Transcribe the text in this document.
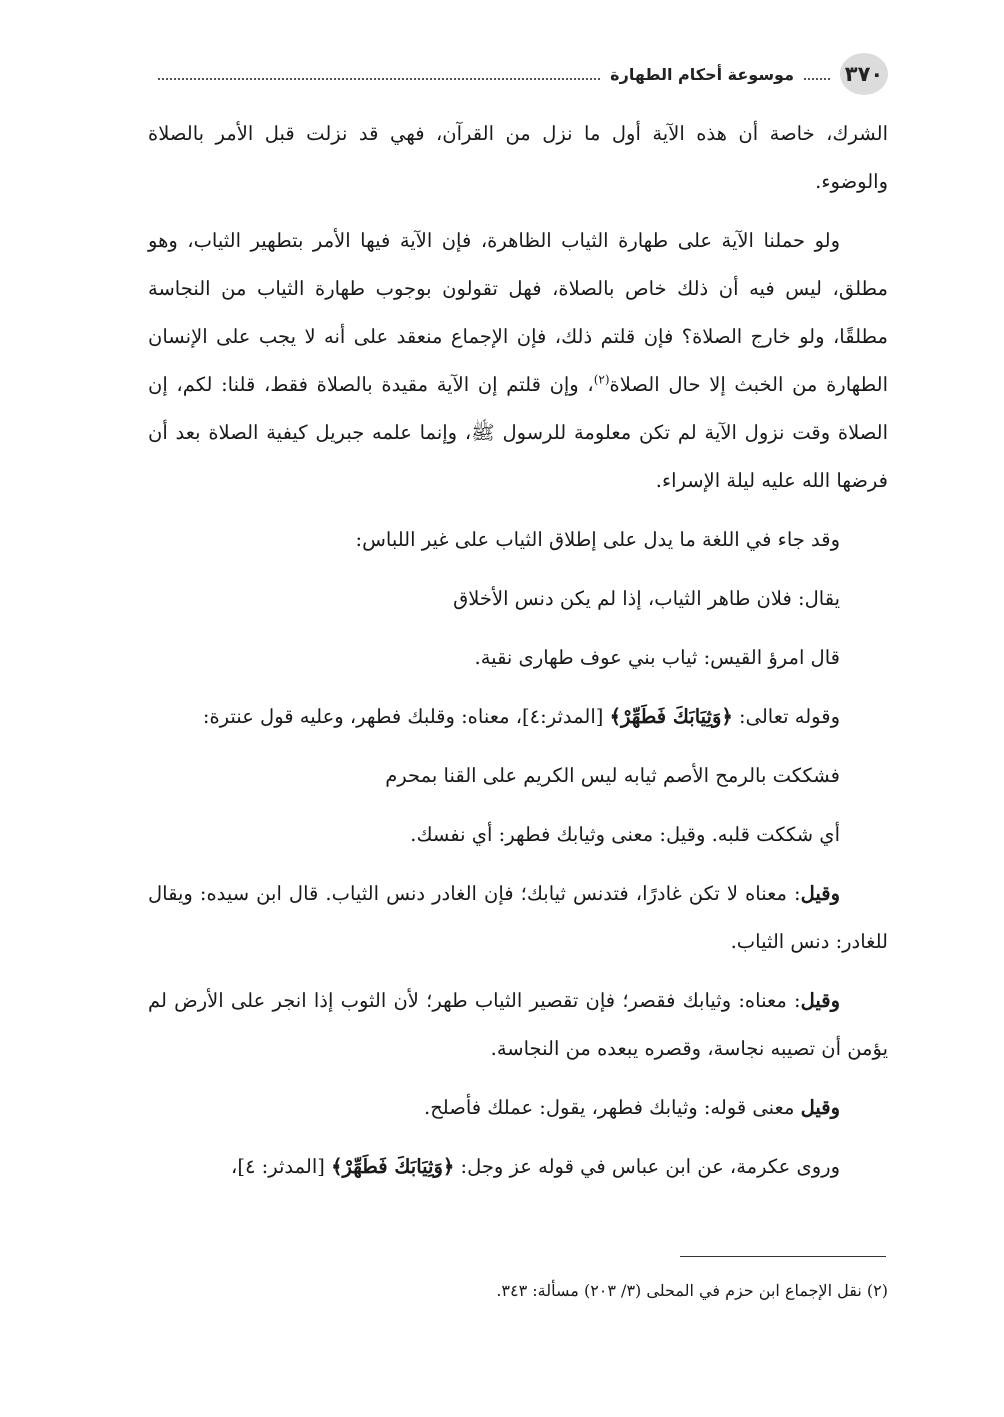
٣٧٠
موسوعة أحكام الطهارة

الشرك، خاصة أن هذه الآية أول ما نزل من القرآن، فهي قد نزلت قبل الأمر بالصلاة والوضوء.

ولو حملنا الآية على طهارة الثياب الظاهرة، فإن الآية فيها الأمر بتطهير الثياب، وهو مطلق، ليس فيه أن ذلك خاص بالصلاة، فهل تقولون بوجوب طهارة الثياب من النجاسة مطلقًا، ولو خارج الصلاة؟ فإن قلتم ذلك، فإن الإجماع منعقد على أنه لا يجب على الإنسان الطهارة من الخبث إلا حال الصلاة$^{(٢)}$، وإن قلتم إن الآية مقيدة بالصلاة فقط، قلنا: لكم، إن الصلاة وقت نزول الآية لم تكن معلومة للرسول ﷺ، وإنما علمه جبريل كيفية الصلاة بعد أن فرضها الله عليه ليلة الإسراء.

وقد جاء في اللغة ما يدل على إطلاق الثياب على غير اللباس:

يقال: فلان طاهر الثياب، إذا لم يكن دنس الأخلاق

قال امرؤ القيس: ثياب بني عوف طهارى نقية.

وقوله تعالى: ﴿وَثِيَابَكَ فَطَهِّرْ﴾ [المدثر:٤]، معناه: وقلبك فطهر، وعليه قول عنترة:

فشككت بالرمح الأصم ثيابه ليس الكريم على القنا بمحرم

أي شككت قلبه. وقيل: معنى وثيابك فطهر: أي نفسك.

وقيل: معناه لا تكن غادرًا، فتدنس ثيابك؛ فإن الغادر دنس الثياب. قال ابن سيده: ويقال للغادر: دنس الثياب.

وقيل: معناه: وثيابك فقصر؛ فإن تقصير الثياب طهر؛ لأن الثوب إذا انجر على الأرض لم يؤمن أن تصيبه نجاسة، وقصره يبعده من النجاسة.

وقيل معنى قوله: وثيابك فطهر، يقول: عملك فأصلح.

وروى عكرمة، عن ابن عباس في قوله عز وجل: ﴿وَثِيَابَكَ فَطَهِّرْ﴾ [المدثر: ٤]،

(٢) نقل الإجماع ابن حزم في المحلى (٣/ ٢٠٣) مسألة: ٣٤٣.
